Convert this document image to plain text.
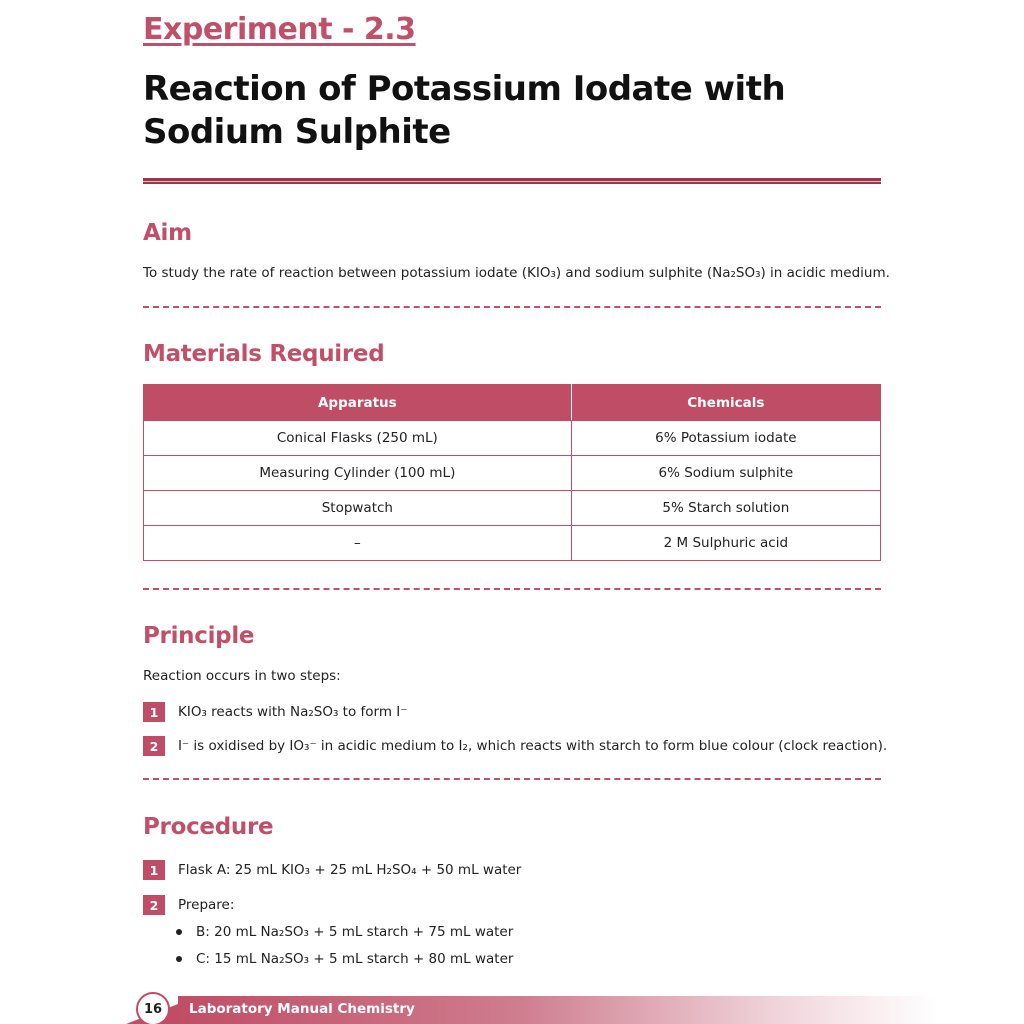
Experiment - 2.3
Reaction of Potassium Iodate with
Sodium Sulphite
Aim
To study the rate of reaction between potassium iodate (KIO₃) and sodium sulphite (Na₂SO₃) in acidic medium.
Materials Required
Apparatus	Chemicals
Conical Flasks (250 mL)	6% Potassium iodate
Measuring Cylinder (100 mL)	6% Sodium sulphite
Stopwatch	5% Starch solution
–	2 M Sulphuric acid
Principle
Reaction occurs in two steps:
1	KIO₃ reacts with Na₂SO₃ to form I⁻
2	I⁻ is oxidised by IO₃⁻ in acidic medium to I₂, which reacts with starch to form blue colour (clock reaction).
Procedure
1	Flask A: 25 mL KIO₃ + 25 mL H₂SO₄ + 50 mL water
2	Prepare:
B: 20 mL Na₂SO₃ + 5 mL starch + 75 mL water
C: 15 mL Na₂SO₃ + 5 mL starch + 80 mL water
Laboratory Manual Chemistry
16
